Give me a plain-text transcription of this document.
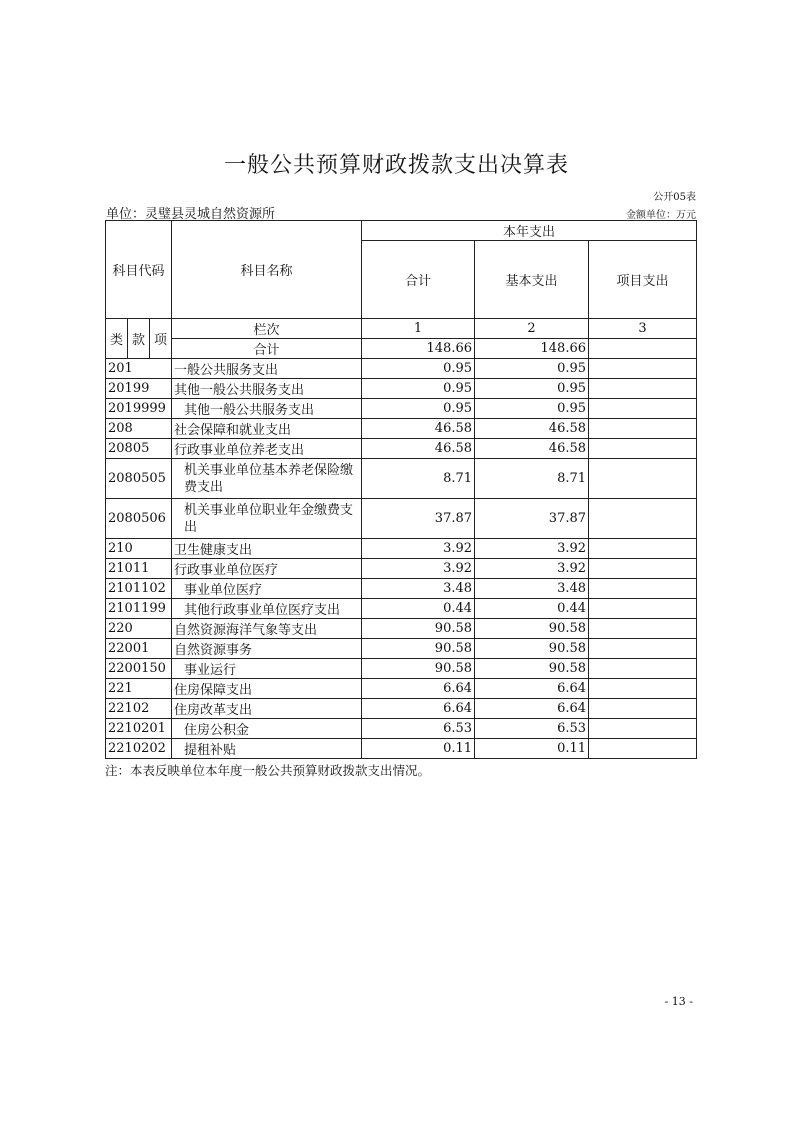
一般公共预算财政拨款支出决算表
公开05表
单位：灵璧县灵城自然资源所	金额单位：万元
科目代码			科目名称	本年支出		
				合计	基本支出	项目支出
类	款	项	栏次	1	2	3
			合计	148.66	148.66	
201			一般公共服务支出	0.95	0.95	
20199			其他一般公共服务支出	0.95	0.95	
2019999			其他一般公共服务支出	0.95	0.95	
208			社会保障和就业支出	46.58	46.58	
20805			行政事业单位养老支出	46.58	46.58	
2080505			机关事业单位基本养老保险缴费支出	8.71	8.71	
2080506			机关事业单位职业年金缴费支出	37.87	37.87	
210			卫生健康支出	3.92	3.92	
21011			行政事业单位医疗	3.92	3.92	
2101102			事业单位医疗	3.48	3.48	
2101199			其他行政事业单位医疗支出	0.44	0.44	
220			自然资源海洋气象等支出	90.58	90.58	
22001			自然资源事务	90.58	90.58	
2200150			事业运行	90.58	90.58	
221			住房保障支出	6.64	6.64	
22102			住房改革支出	6.64	6.64	
2210201			住房公积金	6.53	6.53	
2210202			提租补贴	0.11	0.11	
注：本表反映单位本年度一般公共预算财政拨款支出情况。
- 13 -
